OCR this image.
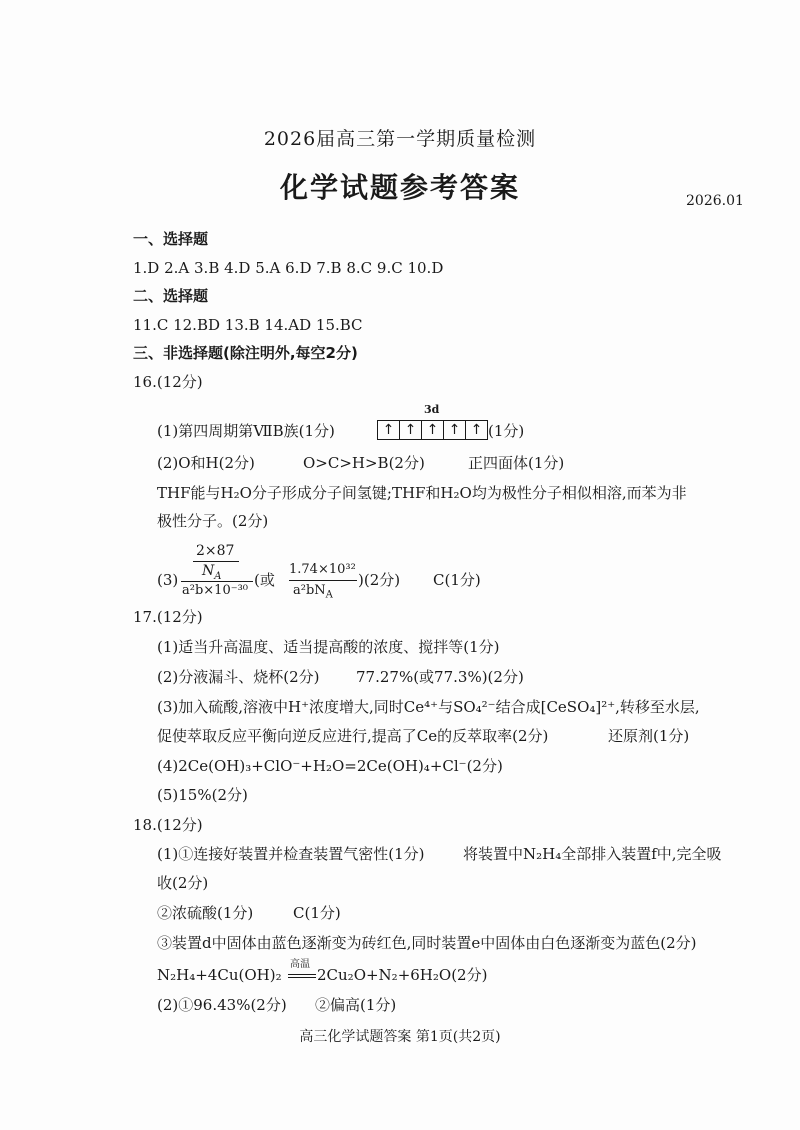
2026届高三第一学期质量检测
化学试题参考答案	2026.01
一、选择题
1.D 2.A 3.B 4.D 5.A 6.D 7.B 8.C 9.C 10.D
二、选择题
11.C 12.BD 13.B 14.AD 15.BC
三、非选择题(除注明外,每空2分)
16.(12分)
3d
(1)第四周期第ⅦB族(1分)	↑ ↑ ↑ ↑ ↑ (1分)
(2)O和H(2分)	O>C>H>B(2分)	正四面体(1分)
THF能与H₂O分子形成分子间氢键;THF和H₂O均为极性分子相似相溶,而苯为非
极性分子。(2分)
2×87
$N_A$
(3)
a²b×10⁻³⁰
(或
1.74×10³²
$a^2bN_A$
)(2分) C(1分)
17.(12分)
(1)适当升高温度、适当提高酸的浓度、搅拌等(1分)
(2)分液漏斗、烧杯(2分) 77.27%(或77.3%)(2分)
(3)加入硫酸,溶液中H⁺浓度增大,同时Ce⁴⁺与SO₄²⁻结合成[CeSO₄]²⁺,转移至水层,
促使萃取反应平衡向逆反应进行,提高了Ce的反萃取率(2分)	还原剂(1分)
(4)2Ce(OH)₃+ClO⁻+H₂O=2Ce(OH)₄+Cl⁻(2分)
(5)15%(2分)
18.(12分)
(1)①连接好装置并检查装置气密性(1分)	将装置中N₂H₄全部排入装置f中,完全吸
收(2分)
②浓硫酸(1分)	C(1分)
③装置d中固体由蓝色逐渐变为砖红色,同时装置e中固体由白色逐渐变为蓝色(2分)
N₂H₄+4Cu(OH)₂
高温
2Cu₂O+N₂+6H₂O(2分)
(2)①96.43%(2分) ②偏高(1分)
高三化学试题答案 第1页(共2页)
